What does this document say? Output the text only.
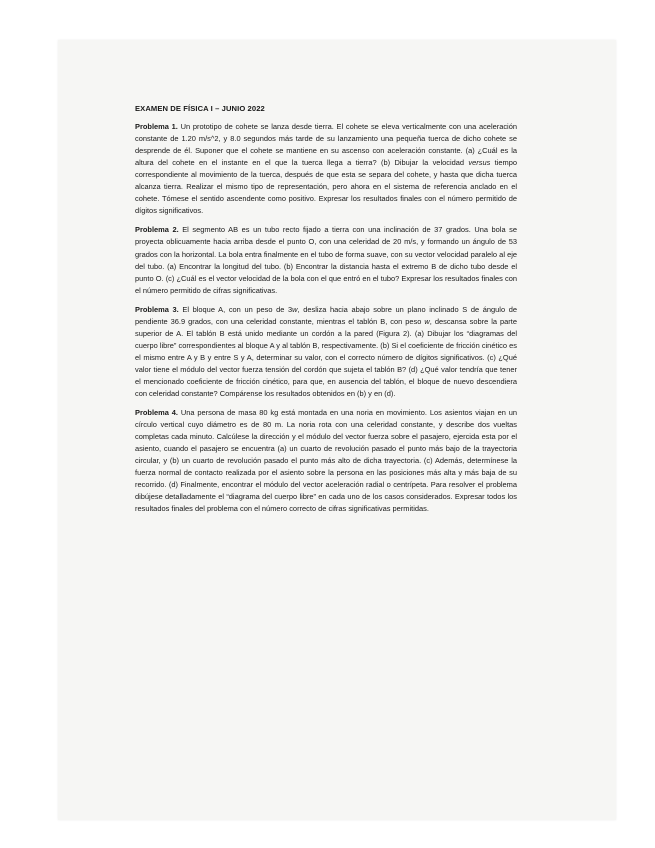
EXAMEN DE FÍSICA I – JUNIO 2022

Problema 1. Un prototipo de cohete se lanza desde tierra. El cohete se eleva verticalmente con una aceleración constante de 1.20 m/s^2, y 8.0 segundos más tarde de su lanzamiento una pequeña tuerca de dicho cohete se desprende de él. Suponer que el cohete se mantiene en su ascenso con aceleración constante. (a) ¿Cuál es la altura del cohete en el instante en el que la tuerca llega a tierra? (b) Dibujar la velocidad versus tiempo correspondiente al movimiento de la tuerca, después de que esta se separa del cohete, y hasta que dicha tuerca alcanza tierra. Realizar el mismo tipo de representación, pero ahora en el sistema de referencia anclado en el cohete. Tómese el sentido ascendente como positivo. Expresar los resultados finales con el número permitido de dígitos significativos.

Problema 2. El segmento AB es un tubo recto fijado a tierra con una inclinación de 37 grados. Una bola se proyecta oblicuamente hacia arriba desde el punto O, con una celeridad de 20 m/s, y formando un ángulo de 53 grados con la horizontal. La bola entra finalmente en el tubo de forma suave, con su vector velocidad paralelo al eje del tubo. (a) Encontrar la longitud del tubo. (b) Encontrar la distancia hasta el extremo B de dicho tubo desde el punto O. (c) ¿Cuál es el vector velocidad de la bola con el que entró en el tubo? Expresar los resultados finales con el número permitido de cifras significativas.

Problema 3. El bloque A, con un peso de 3w, desliza hacia abajo sobre un plano inclinado S de ángulo de pendiente 36.9 grados, con una celeridad constante, mientras el tablón B, con peso w, descansa sobre la parte superior de A. El tablón B está unido mediante un cordón a la pared (Figura 2). (a) Dibujar los “diagramas del cuerpo libre” correspondientes al bloque A y al tablón B, respectivamente. (b) Si el coeficiente de fricción cinético es el mismo entre A y B y entre S y A, determinar su valor, con el correcto número de dígitos significativos. (c) ¿Qué valor tiene el módulo del vector fuerza tensión del cordón que sujeta el tablón B? (d) ¿Qué valor tendría que tener el mencionado coeficiente de fricción cinético, para que, en ausencia del tablón, el bloque de nuevo descendiera con celeridad constante? Compárense los resultados obtenidos en (b) y en (d).

Problema 4. Una persona de masa 80 kg está montada en una noria en movimiento. Los asientos viajan en un círculo vertical cuyo diámetro es de 80 m. La noria rota con una celeridad constante, y describe dos vueltas completas cada minuto. Calcúlese la dirección y el módulo del vector fuerza sobre el pasajero, ejercida esta por el asiento, cuando el pasajero se encuentra (a) un cuarto de revolución pasado el punto más bajo de la trayectoria circular, y (b) un cuarto de revolución pasado el punto más alto de dicha trayectoria. (c) Además, determínese la fuerza normal de contacto realizada por el asiento sobre la persona en las posiciones más alta y más baja de su recorrido. (d) Finalmente, encontrar el módulo del vector aceleración radial o centrípeta. Para resolver el problema dibújese detalladamente el “diagrama del cuerpo libre” en cada uno de los casos considerados. Expresar todos los resultados finales del problema con el número correcto de cifras significativas permitidas.
